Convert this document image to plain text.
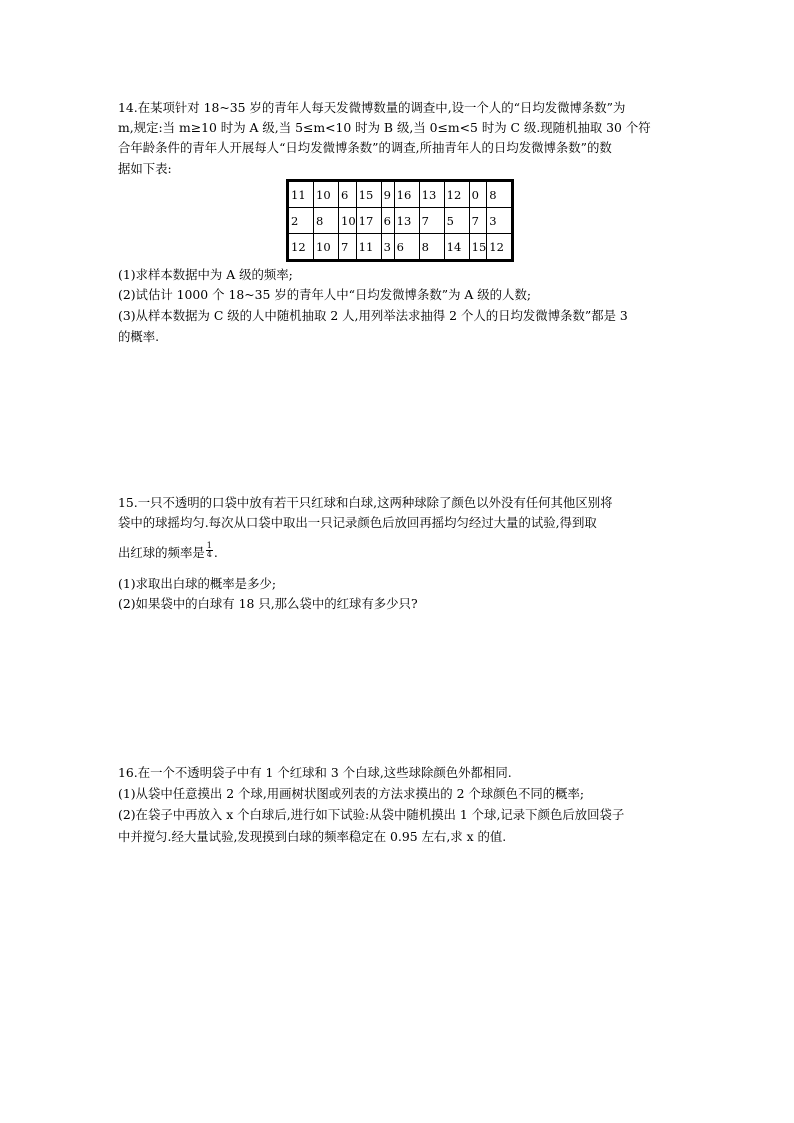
14.在某项针对 18~35 岁的青年人每天发微博数量的调查中,设一个人的“日均发微博条数”为
m,规定:当 m≥10 时为 A 级,当 5≤m<10 时为 B 级,当 0≤m<5 时为 C 级.现随机抽取 30 个符
合年龄条件的青年人开展每人“日均发微博条数”的调查,所抽青年人的日均发微博条数”的数
据如下表:
11	10	6	15	9	16	13	12	0	8
2	8	10	17	6	13	7	5	7	3
12	10	7	11	3	6	8	14	15	12
(1)求样本数据中为 A 级的频率;
(2)试估计 1000 个 18~35 岁的青年人中“日均发微博条数”为 A 级的人数;
(3)从样本数据为 C 级的人中随机抽取 2 人,用列举法求抽得 2 个人的日均发微博条数”都是 3
的概率.
15.一只不透明的口袋中放有若干只红球和白球,这两种球除了颜色以外没有任何其他区别将
袋中的球摇均匀.每次从口袋中取出一只记录颜色后放回再摇均匀经过大量的试验,得到取
出红球的频率是 $\frac{1}{4}$ .
(1)求取出白球的概率是多少;
(2)如果袋中的白球有 18 只,那么袋中的红球有多少只?
16.在一个不透明袋子中有 1 个红球和 3 个白球,这些球除颜色外都相同.
(1)从袋中任意摸出 2 个球,用画树状图或列表的方法求摸出的 2 个球颜色不同的概率;
(2)在袋子中再放入 x 个白球后,进行如下试验:从袋中随机摸出 1 个球,记录下颜色后放回袋子
中并搅匀.经大量试验,发现摸到白球的频率稳定在 0.95 左右,求 x 的值.
